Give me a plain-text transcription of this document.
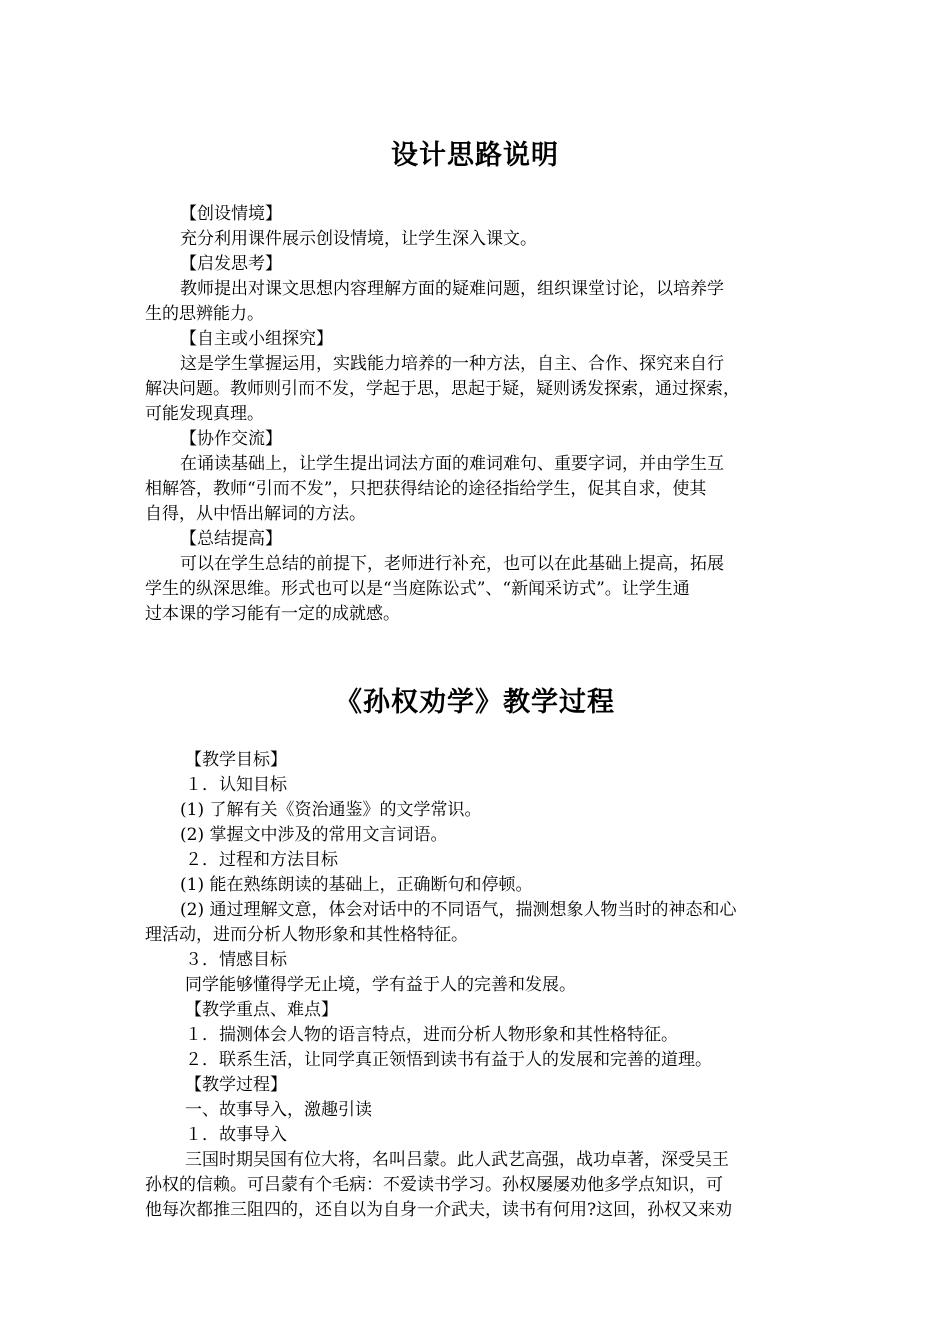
设计思路说明
【创设情境】
充分利用课件展示创设情境，让学生深入课文。
【启发思考】
教师提出对课文思想内容理解方面的疑难问题，组织课堂讨论，以培养学
生的思辨能力。
【自主或小组探究】
这是学生掌握运用，实践能力培养的一种方法，自主、合作、探究来自行
解决问题。教师则引而不发，学起于思，思起于疑，疑则诱发探索，通过探索，
可能发现真理。
【协作交流】
在诵读基础上，让学生提出词法方面的难词难句、重要字词，并由学生互
相解答，教师“引而不发”，只把获得结论的途径指给学生，促其自求，使其
自得，从中悟出解词的方法。
【总结提高】
可以在学生总结的前提下，老师进行补充，也可以在此基础上提高，拓展
学生的纵深思维。形式也可以是“当庭陈讼式”、“新闻采访式”。让学生通
过本课的学习能有一定的成就感。
《孙权劝学》教学过程
【教学目标】
１．认知目标
(1) 了解有关《资治通鉴》的文学常识。
(2) 掌握文中涉及的常用文言词语。
２．过程和方法目标
(1) 能在熟练朗读的基础上，正确断句和停顿。
(2) 通过理解文意，体会对话中的不同语气，揣测想象人物当时的神态和心
理活动，进而分析人物形象和其性格特征。
３．情感目标
同学能够懂得学无止境，学有益于人的完善和发展。
【教学重点、难点】
１．揣测体会人物的语言特点，进而分析人物形象和其性格特征。
２．联系生活，让同学真正领悟到读书有益于人的发展和完善的道理。
【教学过程】
一、故事导入，激趣引读
１．故事导入
三国时期吴国有位大将，名叫吕蒙。此人武艺高强，战功卓著，深受吴王
孙权的信赖。可吕蒙有个毛病：不爱读书学习。孙权屡屡劝他多学点知识，可
他每次都推三阻四的，还自以为自身一介武夫，读书有何用?这回，孙权又来劝
